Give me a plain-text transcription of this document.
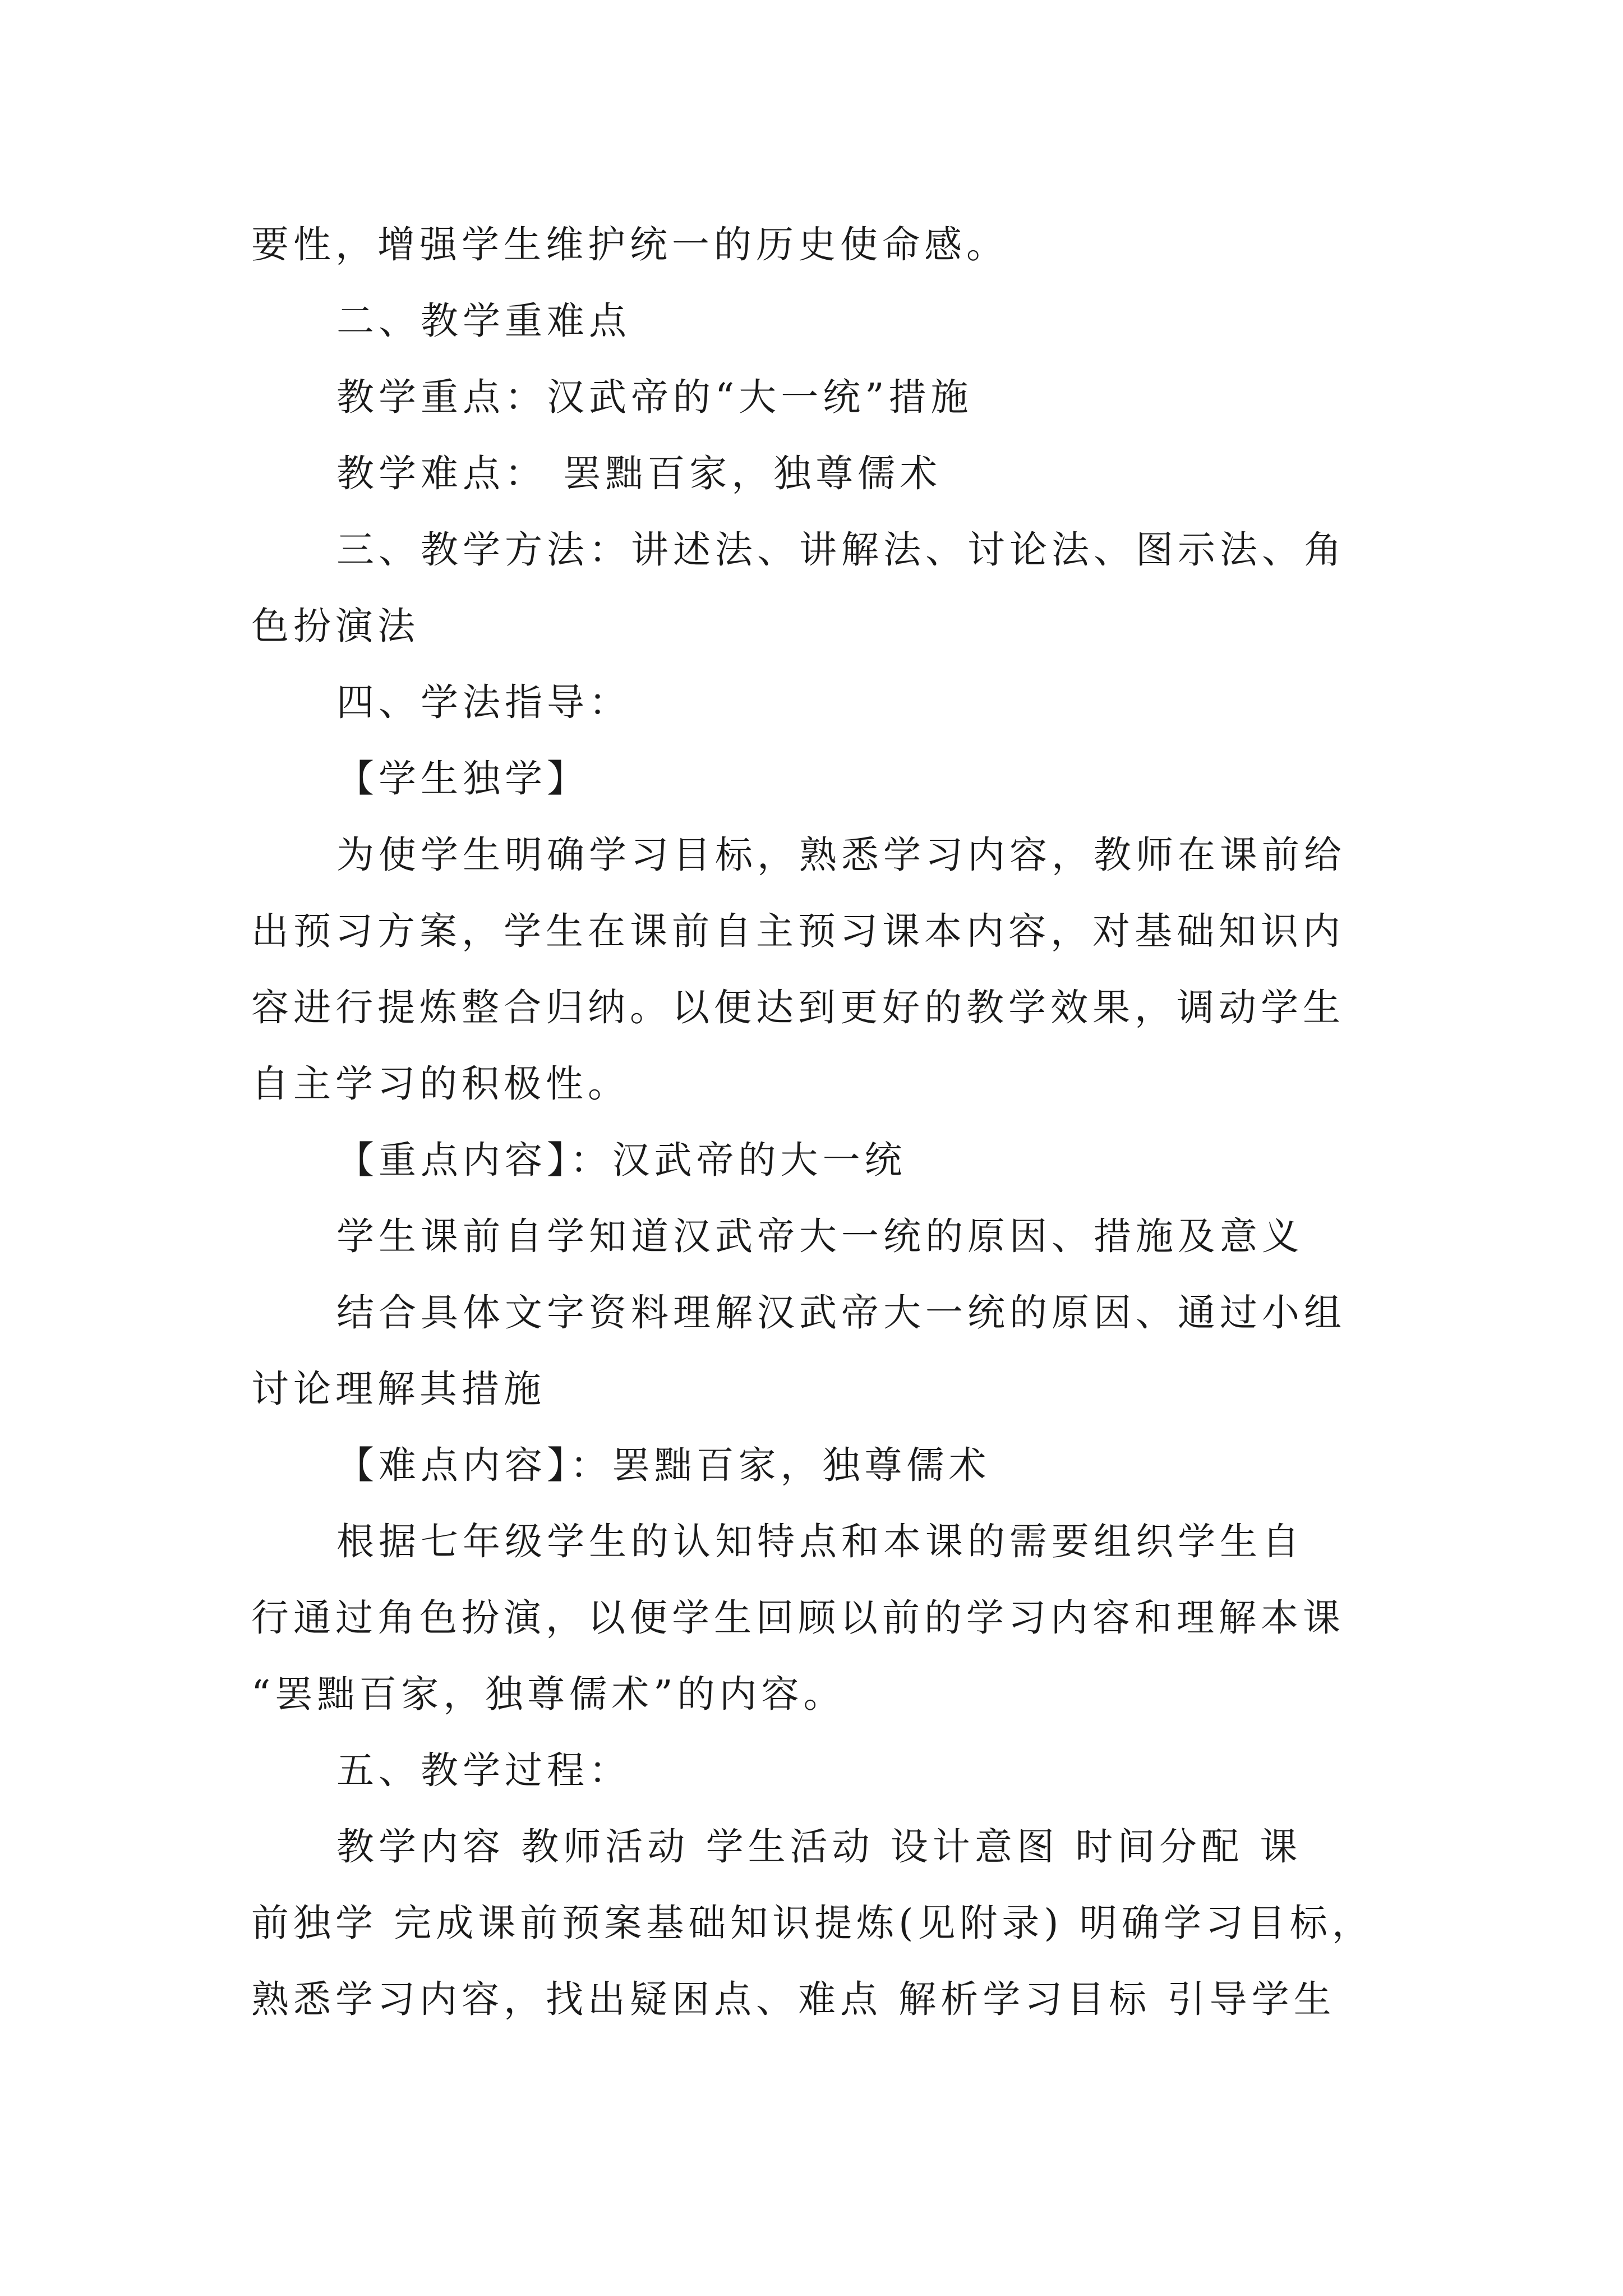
要性，增强学生维护统一的历史使命感。
二、教学重难点
教学重点：汉武帝的“大一统”措施
教学难点： 罢黜百家，独尊儒术
三、教学方法：讲述法、讲解法、讨论法、图示法、角
色扮演法
四、学法指导：
【学生独学】
为使学生明确学习目标，熟悉学习内容，教师在课前给
出预习方案，学生在课前自主预习课本内容，对基础知识内
容进行提炼整合归纳。以便达到更好的教学效果，调动学生
自主学习的积极性。
【重点内容】：汉武帝的大一统
学生课前自学知道汉武帝大一统的原因、措施及意义
结合具体文字资料理解汉武帝大一统的原因、通过小组
讨论理解其措施
【难点内容】：罢黜百家，独尊儒术
根据七年级学生的认知特点和本课的需要组织学生自
行通过角色扮演，以便学生回顾以前的学习内容和理解本课
“罢黜百家，独尊儒术”的内容。
五、教学过程：
教学内容 教师活动 学生活动 设计意图 时间分配 课
前独学 完成课前预案基础知识提炼(见附录) 明确学习目标，
熟悉学习内容，找出疑困点、难点 解析学习目标 引导学生
